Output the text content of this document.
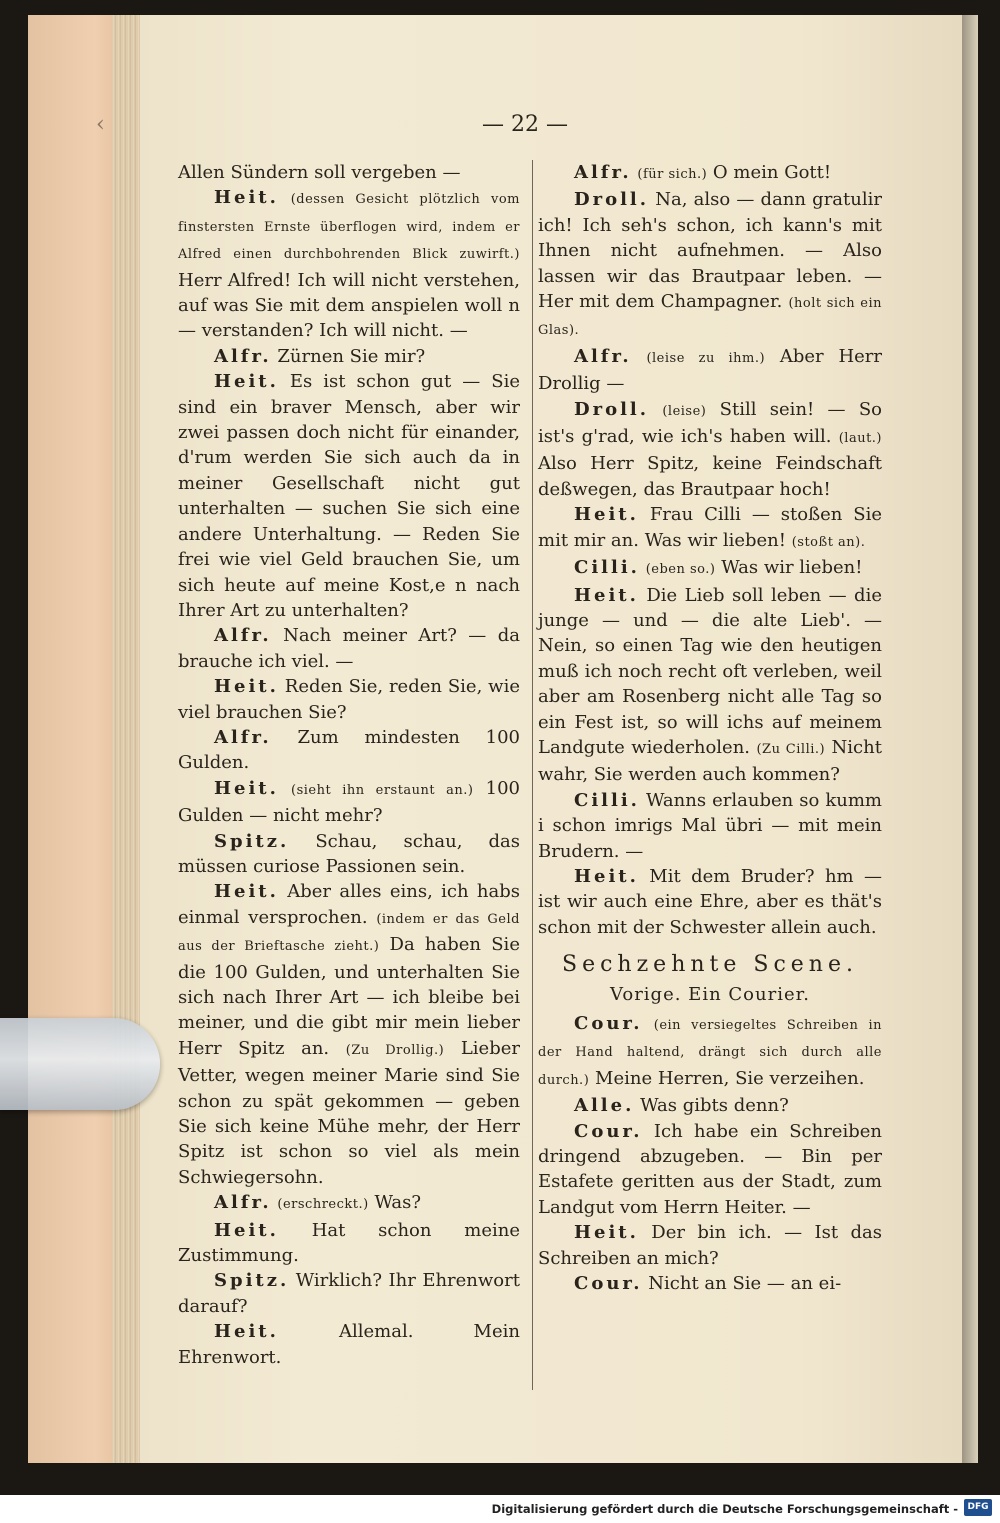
‹	— 22 —

Allen Sündern soll vergeben —

Heit. (dessen Gesicht plötzlich vom finstersten Ernste überflogen wird, indem er Alfred einen durchbohrenden Blick zuwirft.) Herr Alfred! Ich will nicht verstehen, auf was Sie mit dem anspielen woll n — verstanden? Ich will nicht. —

Alfr. Zürnen Sie mir?

Heit. Es ist schon gut — Sie sind ein braver Mensch, aber wir zwei passen doch nicht für einander, d'rum werden Sie sich auch da in meiner Gesellschaft nicht gut unterhalten — suchen Sie sich eine andere Unterhaltung. — Reden Sie frei wie viel Geld brauchen Sie, um sich heute auf meine Kost,e n nach Ihrer Art zu unterhalten?

Alfr. Nach meiner Art? — da brauche ich viel. —

Heit. Reden Sie, reden Sie, wie viel brauchen Sie?

Alfr. Zum mindesten 100 Gulden.

Heit. (sieht ihn erstaunt an.) 100 Gulden — nicht mehr?

Spitz. Schau, schau, das müssen curiose Passionen sein.

Heit. Aber alles eins, ich habs einmal versprochen. (indem er das Geld aus der Brieftasche zieht.) Da haben Sie die 100 Gulden, und unterhalten Sie sich nach Ihrer Art — ich bleibe bei meiner, und die gibt mir mein lieber Herr Spitz an. (Zu Drollig.) Lieber Vetter, wegen meiner Marie sind Sie schon zu spät gekommen — geben Sie sich keine Mühe mehr, der Herr Spitz ist schon so viel als mein Schwiegersohn.

Alfr. (erschreckt.) Was?

Heit. Hat schon meine Zustimmung.

Spitz. Wirklich? Ihr Ehrenwort darauf?

Heit.	Allemal. Mein Ehrenwort.

Alfr. (für sich.) O mein Gott!

Droll. Na, also — dann gratulir ich! Ich seh's schon, ich kann's mit Ihnen nicht aufnehmen. — Also lassen wir das Brautpaar leben. — Her mit dem Champagner. (holt sich ein Glas).

Alfr. (leise zu ihm.) Aber Herr Drollig —

Droll. (leise) Still sein! — So ist's g'rad, wie ich's haben will. (laut.) Also Herr Spitz, keine Feindschaft deßwegen, das Brautpaar hoch!

Heit. Frau Cilli — stoßen Sie mit mir an. Was wir lieben! (stoßt an).

Cilli. (eben so.) Was wir lieben!

Heit. Die Lieb soll leben — die junge — und — die alte Lieb'. — Nein, so einen Tag wie den heutigen muß ich noch recht oft verleben, weil aber am Rosenberg nicht alle Tag so ein Fest ist, so will ichs auf meinem Landgute wiederholen. (Zu Cilli.) Nicht wahr, Sie werden auch kommen?

Cilli. Wanns erlauben so kumm i schon imrigs Mal übri — mit mein Brudern. —

Heit. Mit dem Bruder? hm — ist wir auch eine Ehre, aber es thät's schon mit der Schwester allein auch.

Sechzehnte Scene.
Vorige. Ein Courier.

Cour. (ein versiegeltes Schreiben in der Hand haltend, drängt sich durch alle durch.) Meine Herren, Sie verzeihen.

Alle. Was gibts denn?

Cour. Ich habe ein Schreiben dringend abzugeben. — Bin per Estafete geritten aus der Stadt, zum Landgut vom Herrn Heiter. —

Heit. Der bin ich. — Ist das Schreiben an mich?

Cour. Nicht an Sie — an ei-

Digitalisierung gefördert durch die Deutsche Forschungsgemeinschaft -	DFG
